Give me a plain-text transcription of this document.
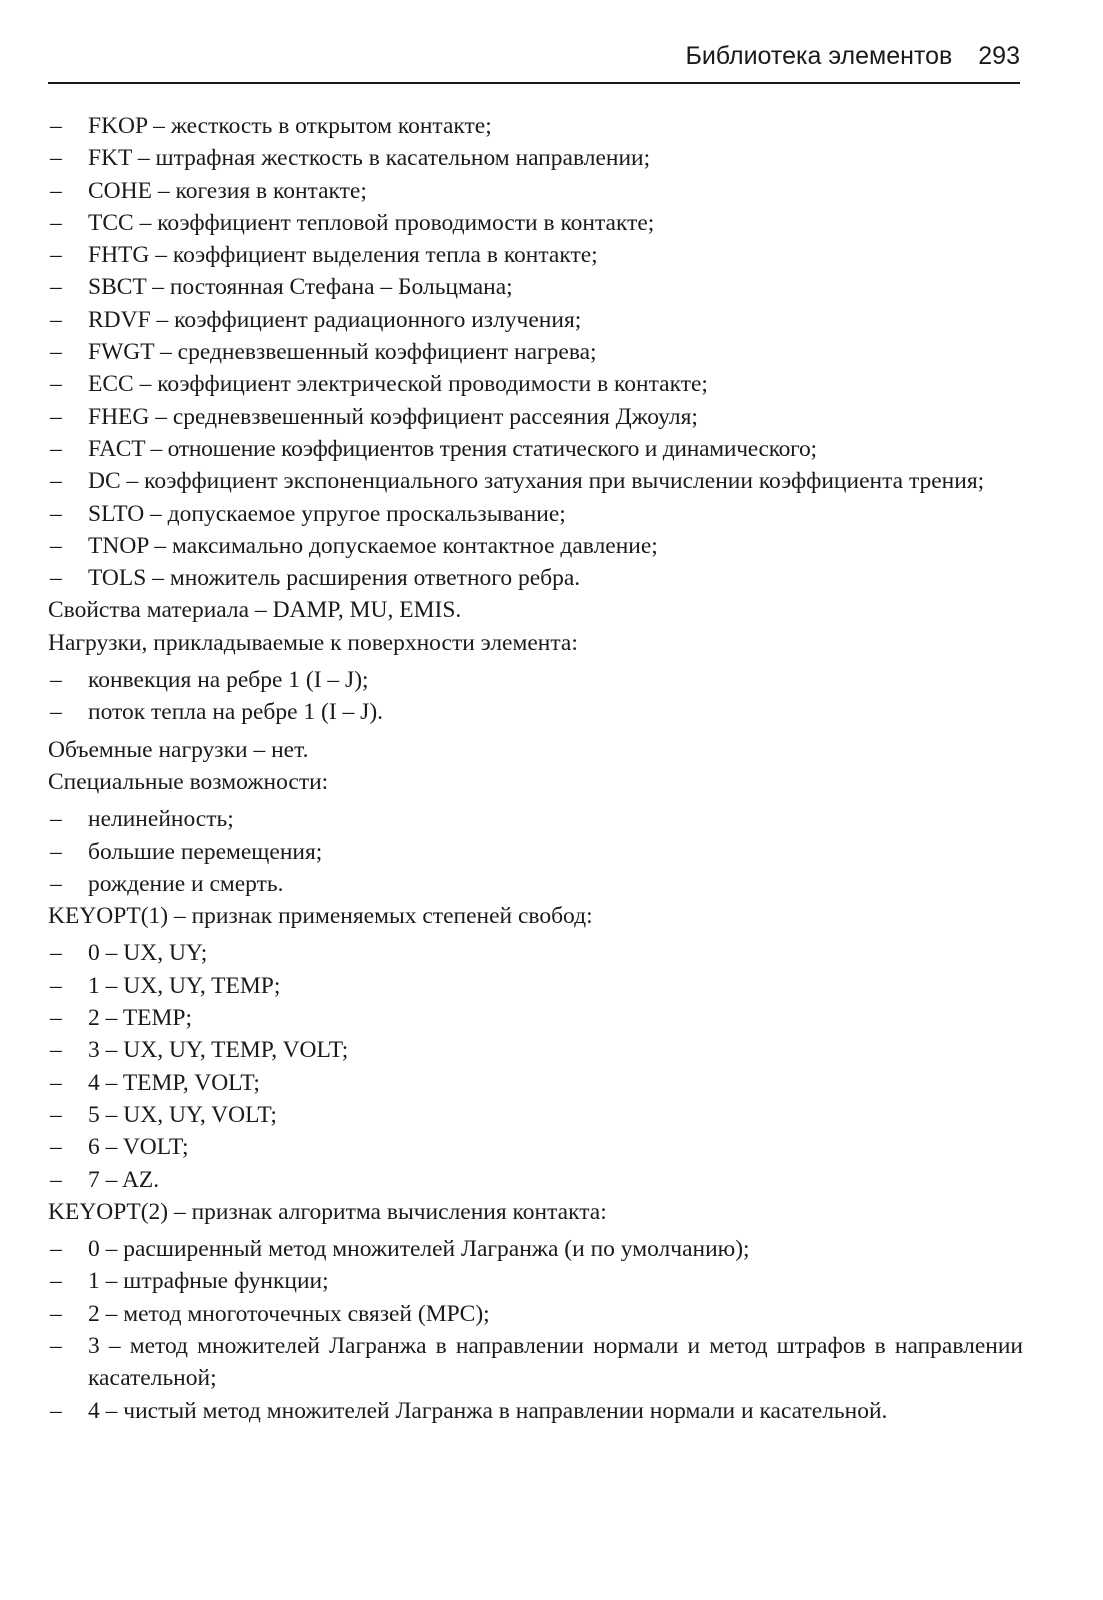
Библиотека элементов 293
– FKOP – жесткость в открытом контакте;
– FKT – штрафная жесткость в касательном направлении;
– COHE – когезия в контакте;
– TCC – коэффициент тепловой проводимости в контакте;
– FHTG – коэффициент выделения тепла в контакте;
– SBCT – постоянная Стефана – Больцмана;
– RDVF – коэффициент радиационного излучения;
– FWGT – средневзвешенный коэффициент нагрева;
– ECC – коэффициент электрической проводимости в контакте;
– FHEG – средневзвешенный коэффициент рассеяния Джоуля;
– FACT – отношение коэффициентов трения статического и динамического;
– DC – коэффициент экспоненциального затухания при вычислении коэффициента трения;
– SLTO – допускаемое упругое проскальзывание;
– TNOP – максимально допускаемое контактное давление;
– TOLS – множитель расширения ответного ребра.
Свойства материала – DAMP, MU, EMIS.
Нагрузки, прикладываемые к поверхности элемента:
– конвекция на ребре 1 (I – J);
– поток тепла на ребре 1 (I – J).
Объемные нагрузки – нет.
Специальные возможности:
– нелинейность;
– большие перемещения;
– рождение и смерть.
KEYOPT(1) – признак применяемых степеней свобод:
– 0 – UX, UY;
– 1 – UX, UY, TEMP;
– 2 – TEMP;
– 3 – UX, UY, TEMP, VOLT;
– 4 – TEMP, VOLT;
– 5 – UX, UY, VOLT;
– 6 – VOLT;
– 7 – AZ.
KEYOPT(2) – признак алгоритма вычисления контакта:
– 0 – расширенный метод множителей Лагранжа (и по умолчанию);
– 1 – штрафные функции;
– 2 – метод многоточечных связей (MPC);
– 3 – метод множителей Лагранжа в направлении нормали и метод штрафов в направлении касательной;
– 4 – чистый метод множителей Лагранжа в направлении нормали и касательной.
